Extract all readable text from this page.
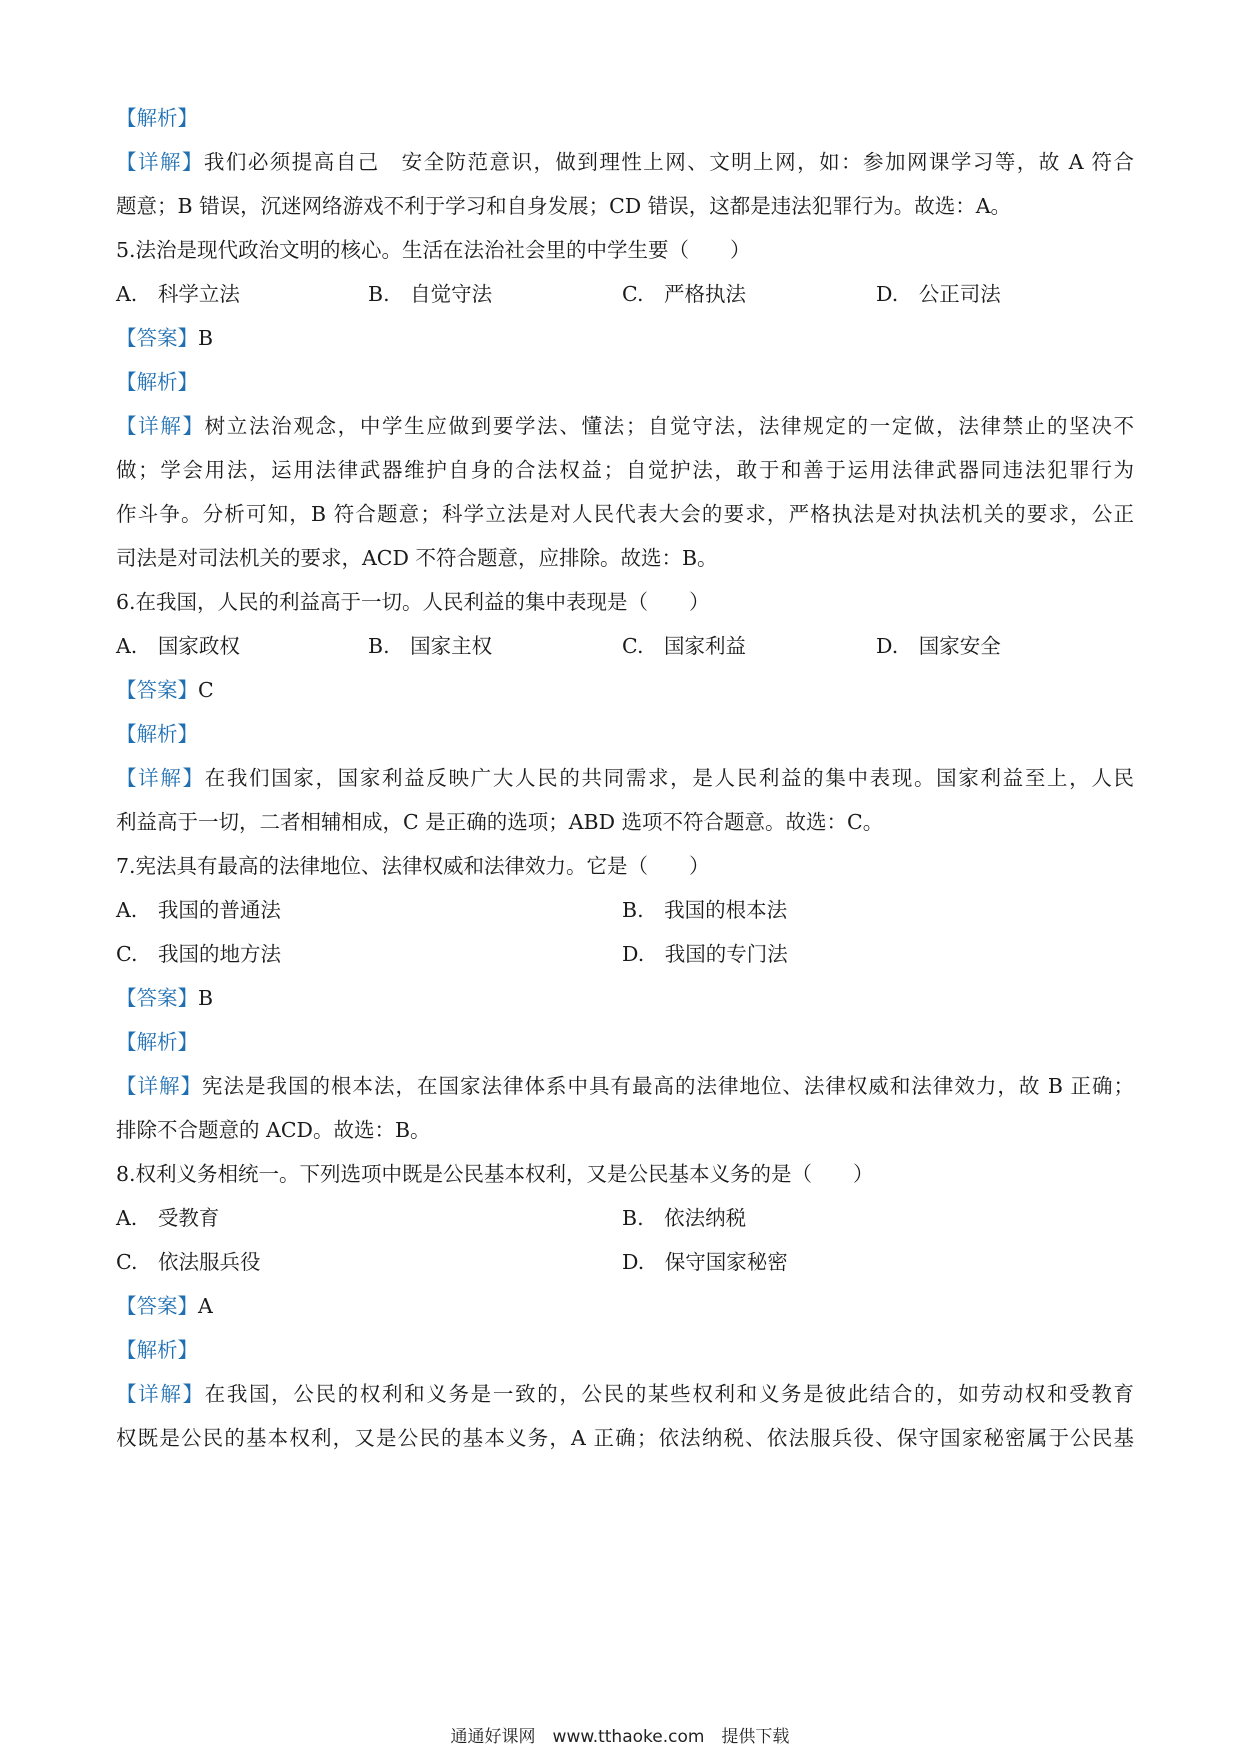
【解析】
【详解】我们必须提高自己　安全防范意识，做到理性上网、文明上网，如：参加网课学习等，故 A 符合
题意；B 错误，沉迷网络游戏不利于学习和自身发展；CD 错误，这都是违法犯罪行为。故选：A。
5.法治是现代政治文明的核心。生活在法治社会里的中学生要（　　）
A.　科学立法	B.　自觉守法	C.　严格执法	D.　公正司法
【答案】B
【解析】
【详解】树立法治观念，中学生应做到要学法、懂法；自觉守法，法律规定的一定做，法律禁止的坚决不
做；学会用法，运用法律武器维护自身的合法权益；自觉护法，敢于和善于运用法律武器同违法犯罪行为
作斗争。分析可知，B 符合题意；科学立法是对人民代表大会的要求，严格执法是对执法机关的要求，公正
司法是对司法机关的要求，ACD 不符合题意，应排除。故选：B。
6.在我国，人民的利益高于一切。人民利益的集中表现是（　　）
A.　国家政权	B.　国家主权	C.　国家利益	D.　国家安全
【答案】C
【解析】
【详解】在我们国家，国家利益反映广大人民的共同需求，是人民利益的集中表现。国家利益至上，人民
利益高于一切，二者相辅相成，C 是正确的选项；ABD 选项不符合题意。故选：C。
7.宪法具有最高的法律地位、法律权威和法律效力。它是（　　）
A.　我国的普通法	B.　我国的根本法
C.　我国的地方法	D.　我国的专门法
【答案】B
【解析】
【详解】宪法是我国的根本法，在国家法律体系中具有最高的法律地位、法律权威和法律效力，故 B 正确；
排除不合题意的 ACD。故选：B。
8.权利义务相统一。下列选项中既是公民基本权利，又是公民基本义务的是（　　）
A.　受教育	B.　依法纳税
C.　依法服兵役	D.　保守国家秘密
【答案】A
【解析】
【详解】在我国，公民的权利和义务是一致的，公民的某些权利和义务是彼此结合的，如劳动权和受教育
权既是公民的基本权利，又是公民的基本义务，A 正确；依法纳税、依法服兵役、保守国家秘密属于公民基
通通好课网　www.tthaoke.com　提供下载
